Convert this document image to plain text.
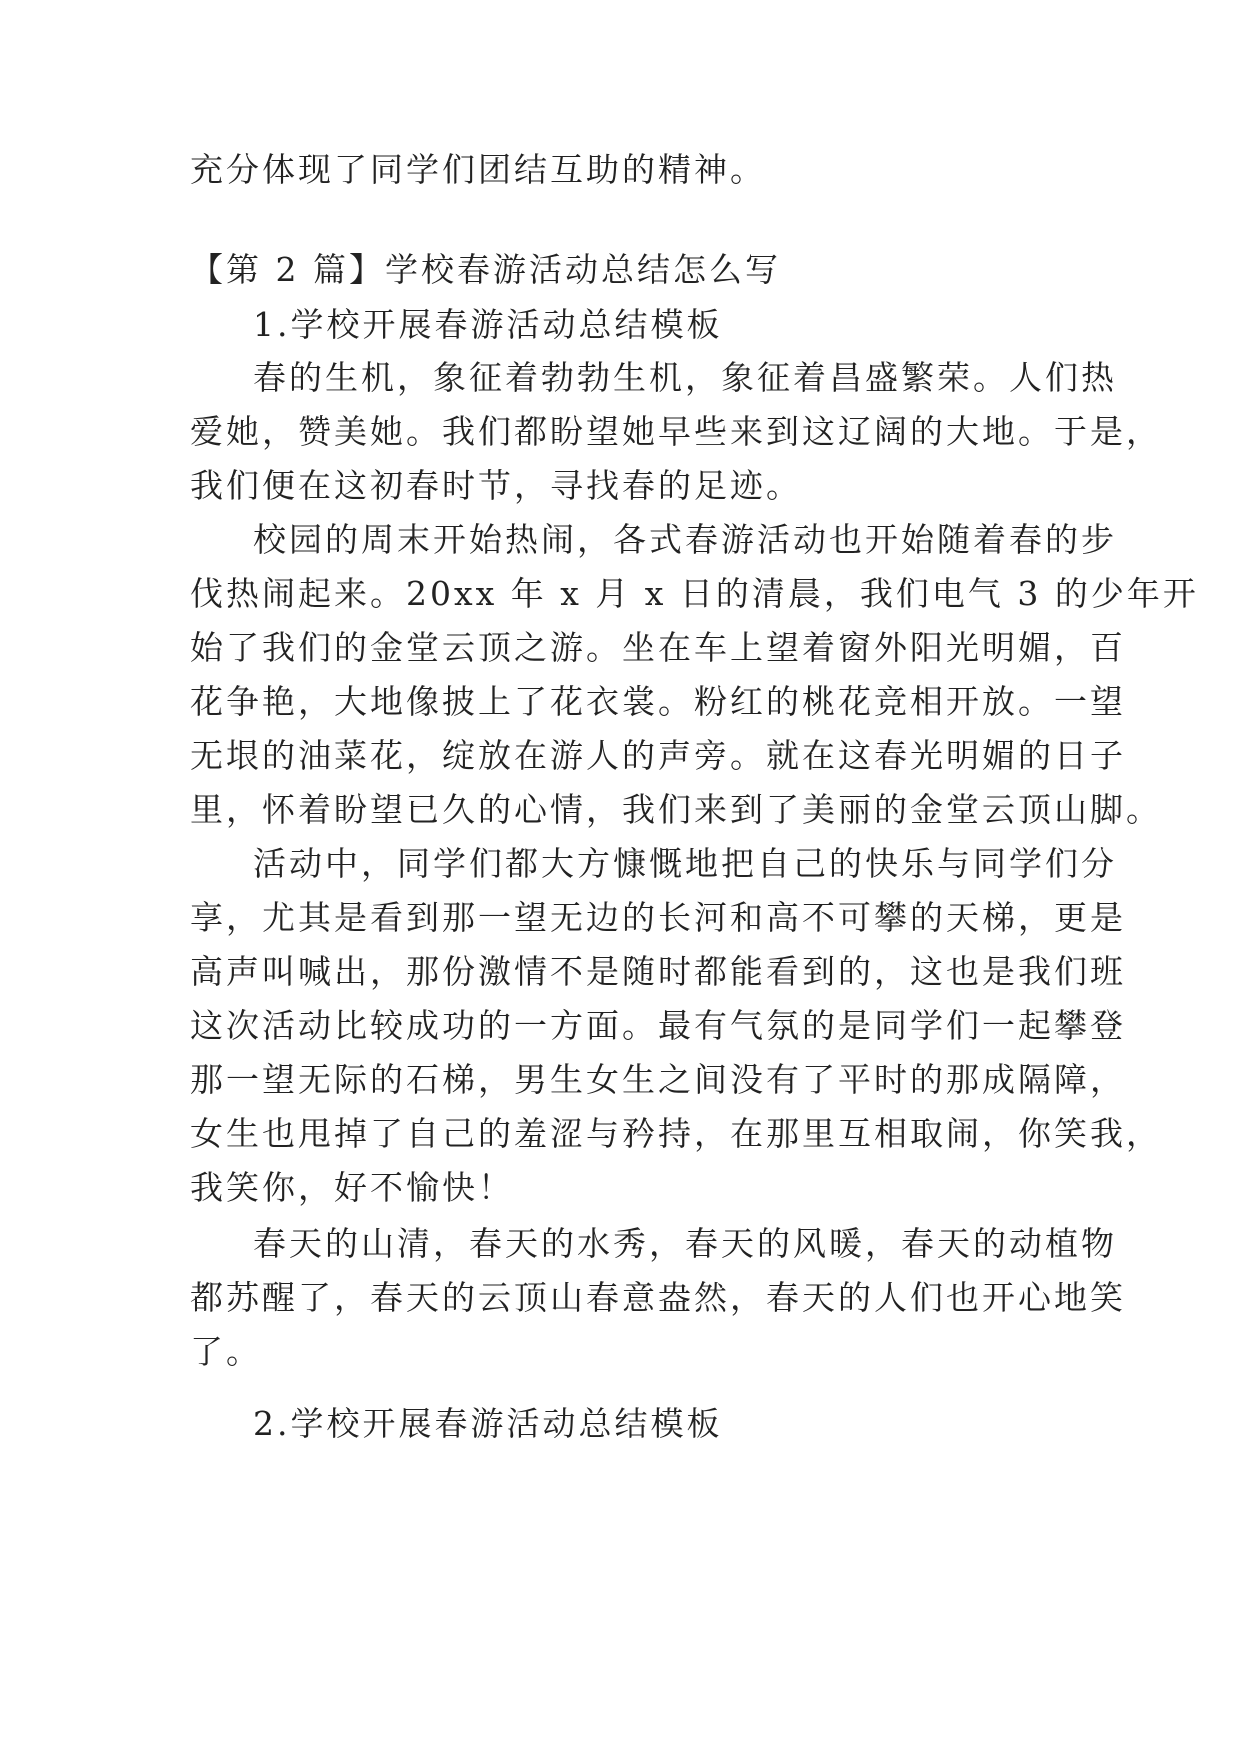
充分体现了同学们团结互助的精神。
【第 2 篇】学校春游活动总结怎么写
1.学校开展春游活动总结模板
春的生机，象征着勃勃生机，象征着昌盛繁荣。人们热
爱她，赞美她。我们都盼望她早些来到这辽阔的大地。于是，
我们便在这初春时节，寻找春的足迹。
校园的周末开始热闹，各式春游活动也开始随着春的步
伐热闹起来。20xx 年 x 月 x 日的清晨，我们电气 3 的少年开
始了我们的金堂云顶之游。坐在车上望着窗外阳光明媚，百
花争艳，大地像披上了花衣裳。粉红的桃花竞相开放。一望
无垠的油菜花，绽放在游人的声旁。就在这春光明媚的日子
里，怀着盼望已久的心情，我们来到了美丽的金堂云顶山脚。
活动中，同学们都大方慷慨地把自己的快乐与同学们分
享，尤其是看到那一望无边的长河和高不可攀的天梯，更是
高声叫喊出，那份激情不是随时都能看到的，这也是我们班
这次活动比较成功的一方面。最有气氛的是同学们一起攀登
那一望无际的石梯，男生女生之间没有了平时的那成隔障，
女生也甩掉了自己的羞涩与矜持，在那里互相取闹，你笑我，
我笑你，好不愉快！
春天的山清，春天的水秀，春天的风暖，春天的动植物
都苏醒了，春天的云顶山春意盎然，春天的人们也开心地笑
了。
2.学校开展春游活动总结模板
